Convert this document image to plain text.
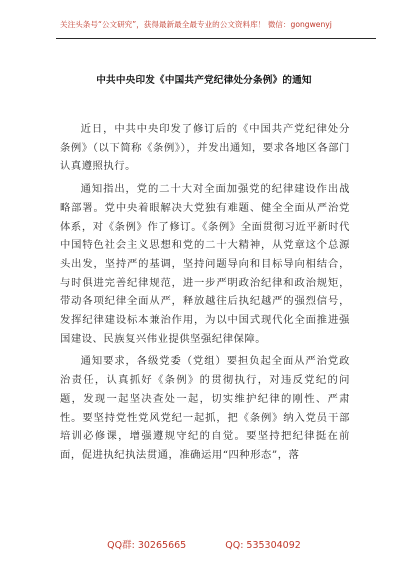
关注头条号“公文研究”，获得最新最全最专业的公文资料库！ 微信：gongwenyj
中共中央印发《中国共产党纪律处分条例》的通知

近日，中共中央印发了修订后的《中国共产党纪律处分条例》（以下简称《条例》），并发出通知，要求各地区各部门认真遵照执行。

通知指出，党的二十大对全面加强党的纪律建设作出战略部署。党中央着眼解决大党独有难题、健全全面从严治党体系，对《条例》作了修订。《条例》全面贯彻习近平新时代中国特色社会主义思想和党的二十大精神，从党章这个总源头出发，坚持严的基调，坚持问题导向和目标导向相结合，与时俱进完善纪律规范，进一步严明政治纪律和政治规矩，带动各项纪律全面从严，释放越往后执纪越严的强烈信号，发挥纪律建设标本兼治作用，为以中国式现代化全面推进强国建设、民族复兴伟业提供坚强纪律保障。

通知要求，各级党委（党组）要担负起全面从严治党政治责任，认真抓好《条例》的贯彻执行，对违反党纪的问题，发现一起坚决查处一起，切实维护纪律的刚性、严肃性。要坚持党性党风党纪一起抓，把《条例》纳入党员干部培训必修课，增强遵规守纪的自觉。要坚持把纪律挺在前面，促进执纪执法贯通，准确运用“四种形态”，落

QQ群: 30265665	QQ: 535304092
